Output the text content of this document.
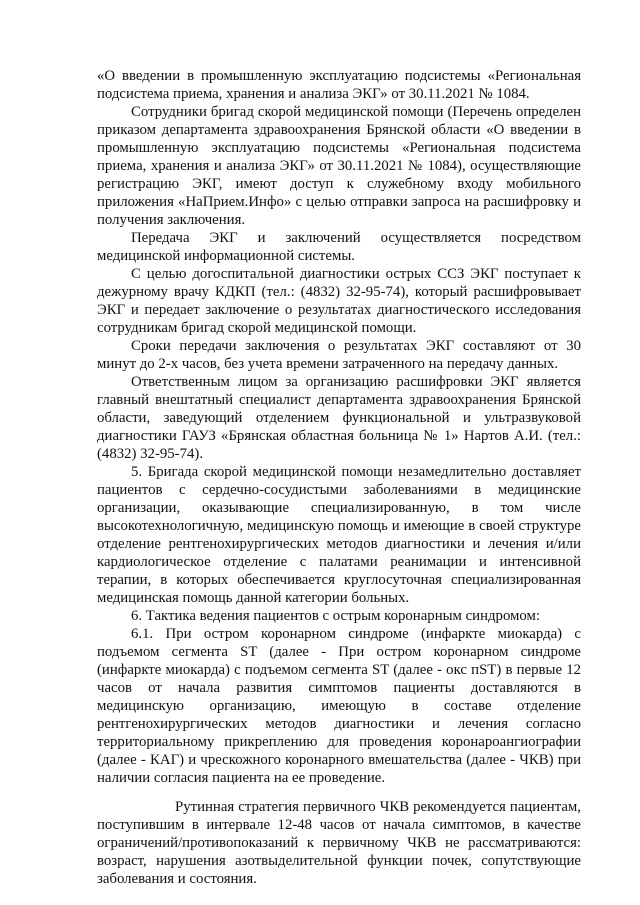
«О введении в промышленную эксплуатацию подсистемы «Региональная подсистема приема, хранения и анализа ЭКГ» от 30.11.2021 № 1084.

Сотрудники бригад скорой медицинской помощи (Перечень определен приказом департамента здравоохранения Брянской области «О введении в промышленную эксплуатацию подсистемы «Региональная подсистема приема, хранения и анализа ЭКГ» от 30.11.2021 № 1084), осуществляющие регистрацию ЭКГ, имеют доступ к служебному входу мобильного приложения «НаПрием.Инфо» с целью отправки запроса на расшифровку и получения заключения.

Передача ЭКГ и заключений осуществляется посредством медицинской информационной системы.

С целью догоспитальной диагностики острых ССЗ ЭКГ поступает к дежурному врачу КДКП (тел.: (4832) 32-95-74), который расшифровывает ЭКГ и передает заключение о результатах диагностического исследования сотрудникам бригад скорой медицинской помощи.

Сроки передачи заключения о результатах ЭКГ составляют от 30 минут до 2-х часов, без учета времени затраченного на передачу данных.

Ответственным лицом за организацию расшифровки ЭКГ является главный внештатный специалист департамента здравоохранения Брянской области, заведующий отделением функциональной и ультразвуковой диагностики ГАУЗ «Брянская областная больница № 1» Нартов А.И. (тел.: (4832) 32-95-74).

5. Бригада скорой медицинской помощи незамедлительно доставляет пациентов с сердечно-сосудистыми заболеваниями в медицинские организации, оказывающие специализированную, в том числе высокотехнологичную, медицинскую помощь и имеющие в своей структуре отделение рентгенохирургических методов диагностики и лечения и/или кардиологическое отделение с палатами реанимации и интенсивной терапии, в которых обеспечивается круглосуточная специализированная медицинская помощь данной категории больных.

6. Тактика ведения пациентов с острым коронарным синдромом:

6.1. При остром коронарном синдроме (инфаркте миокарда) с подъемом сегмента ST (далее - При остром коронарном синдроме (инфаркте миокарда) с подъемом сегмента ST (далее - окс пST) в первые 12 часов от начала развития симптомов пациенты доставляются в медицинскую организацию, имеющую в составе отделение рентгенохирургических методов диагностики и лечения согласно территориальному прикреплению для проведения коронароангиографии (далее - КАГ) и чрескожного коронарного вмешательства (далее - ЧКВ) при наличии согласия пациента на ее проведение.

Рутинная стратегия первичного ЧКВ рекомендуется пациентам, поступившим в интервале 12-48 часов от начала симптомов, в качестве ограничений/противопоказаний к первичному ЧКВ не рассматриваются: возраст, нарушения азотвыделительной функции почек, сопутствующие заболевания и состояния.
